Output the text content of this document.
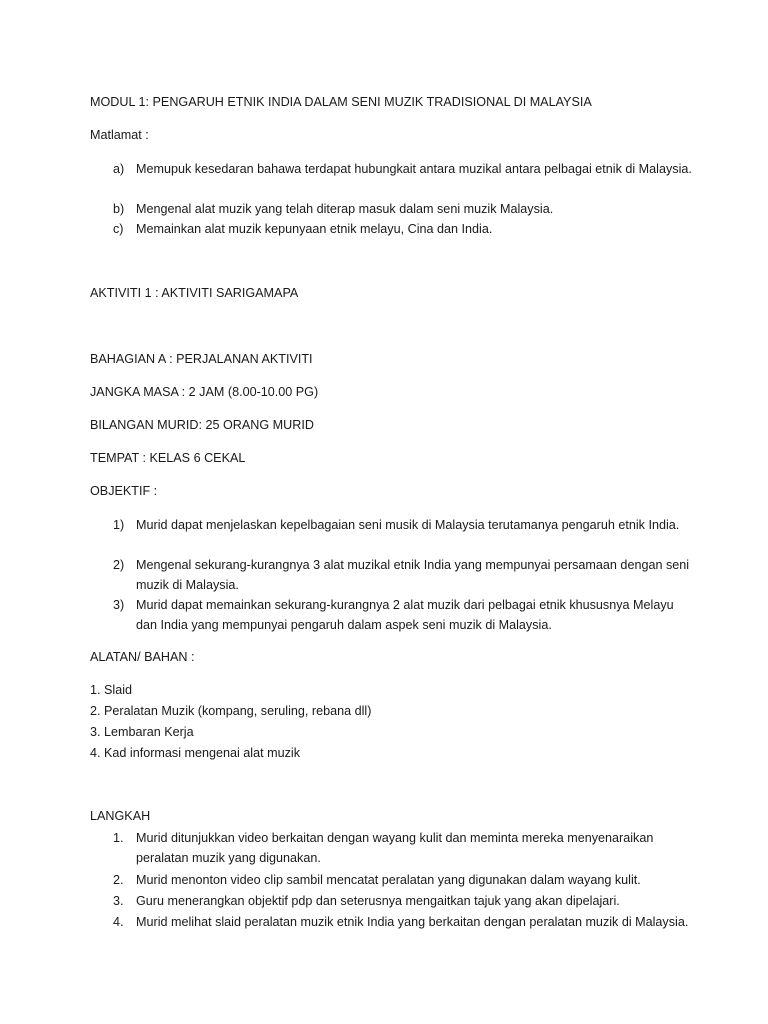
MODUL 1: PENGARUH ETNIK INDIA DALAM SENI MUZIK TRADISIONAL DI MALAYSIA
Matlamat :
a) Memupuk kesedaran bahawa terdapat hubungkait antara muzikal antara pelbagai etnik di Malaysia.
b) Mengenal alat muzik yang telah diterap masuk dalam seni muzik Malaysia.
c) Memainkan alat muzik kepunyaan etnik melayu, Cina dan India.
AKTIVITI 1 : AKTIVITI SARIGAMAPA
BAHAGIAN A : PERJALANAN AKTIVITI
JANGKA MASA : 2 JAM (8.00-10.00 PG)
BILANGAN MURID: 25 ORANG MURID
TEMPAT : KELAS 6 CEKAL
OBJEKTIF :
1) Murid dapat menjelaskan kepelbagaian seni musik di Malaysia terutamanya pengaruh etnik India.
2) Mengenal sekurang-kurangnya 3 alat muzikal etnik India yang mempunyai persamaan dengan seni muzik di Malaysia.
3) Murid dapat memainkan sekurang-kurangnya 2 alat muzik dari pelbagai etnik khususnya Melayu dan India yang mempunyai pengaruh dalam aspek seni muzik di Malaysia.
ALATAN/ BAHAN :
1. Slaid
2. Peralatan Muzik (kompang, seruling, rebana dll)
3. Lembaran Kerja
4. Kad informasi mengenai alat muzik
LANGKAH
1. Murid ditunjukkan video berkaitan dengan wayang kulit dan meminta mereka menyenaraikan peralatan muzik yang digunakan.
2. Murid menonton video clip sambil mencatat peralatan yang digunakan dalam wayang kulit.
3. Guru menerangkan objektif pdp dan seterusnya mengaitkan tajuk yang akan dipelajari.
4. Murid melihat slaid peralatan muzik etnik India yang berkaitan dengan peralatan muzik di Malaysia.
